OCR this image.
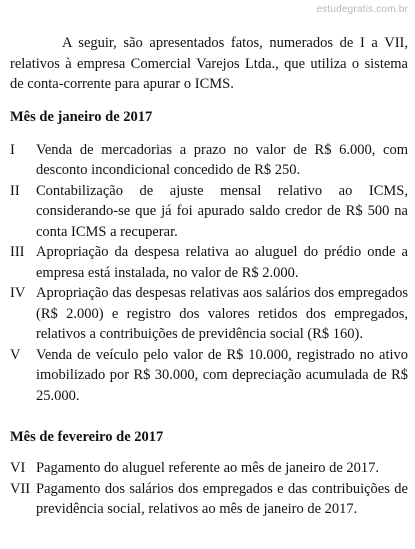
estudegratis.com.br

A seguir, são apresentados fatos, numerados de I a VII, relativos à empresa Comercial Varejos Ltda., que utiliza o sistema de conta-corrente para apurar o ICMS.

Mês de janeiro de 2017
I	Venda de mercadorias a prazo no valor de R$ 6.000, com desconto incondicional concedido de R$ 250.
II	Contabilização de ajuste mensal relativo ao ICMS, considerando-se que já foi apurado saldo credor de R$ 500 na conta ICMS a recuperar.
III Apropriação da despesa relativa ao aluguel do prédio onde a empresa está instalada, no valor de R$ 2.000.
IV Apropriação das despesas relativas aos salários dos empregados (R$ 2.000) e registro dos valores retidos dos empregados, relativos a contribuições de previdência social (R$ 160).
V	Venda de veículo pelo valor de R$ 10.000, registrado no ativo imobilizado por R$ 30.000, com depreciação acumulada de R$ 25.000.
Mês de fevereiro de 2017
VI Pagamento do aluguel referente ao mês de janeiro de 2017.
VII Pagamento dos salários dos empregados e das contribuições de previdência social, relativos ao mês de janeiro de 2017.
